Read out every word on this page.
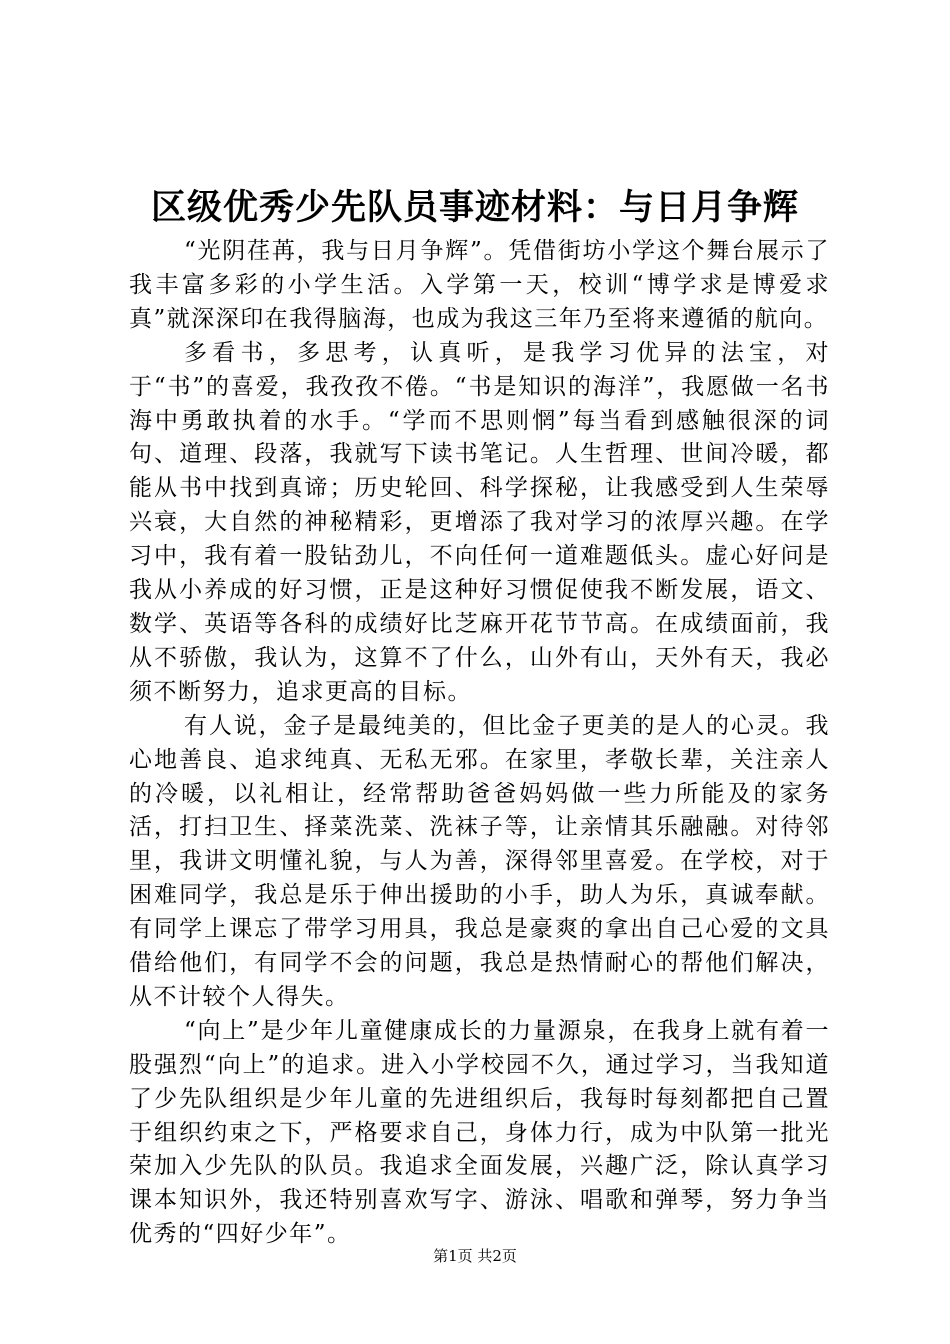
区级优秀少先队员事迹材料：与日月争辉

“光阴荏苒，我与日月争辉”。凭借街坊小学这个舞台展示了我丰富多彩的小学生活。入学第一天，校训“博学求是博爱求真”就深深印在我得脑海，也成为我这三年乃至将来遵循的航向。

多看书，多思考，认真听，是我学习优异的法宝，对于“书”的喜爱，我孜孜不倦。“书是知识的海洋”，我愿做一名书海中勇敢执着的水手。“学而不思则惘”每当看到感触很深的词句、道理、段落，我就写下读书笔记。人生哲理、世间冷暖，都能从书中找到真谛；历史轮回、科学探秘，让我感受到人生荣辱兴衰，大自然的神秘精彩，更增添了我对学习的浓厚兴趣。在学习中，我有着一股钻劲儿，不向任何一道难题低头。虚心好问是我从小养成的好习惯，正是这种好习惯促使我不断发展，语文、数学、英语等各科的成绩好比芝麻开花节节高。在成绩面前，我从不骄傲，我认为，这算不了什么，山外有山，天外有天，我必须不断努力，追求更高的目标。

有人说，金子是最纯美的，但比金子更美的是人的心灵。我心地善良、追求纯真、无私无邪。在家里，孝敬长辈，关注亲人的冷暖，以礼相让，经常帮助爸爸妈妈做一些力所能及的家务活，打扫卫生、择菜洗菜、洗袜子等，让亲情其乐融融。对待邻里，我讲文明懂礼貌，与人为善，深得邻里喜爱。在学校，对于困难同学，我总是乐于伸出援助的小手，助人为乐，真诚奉献。有同学上课忘了带学习用具，我总是豪爽的拿出自己心爱的文具借给他们，有同学不会的问题，我总是热情耐心的帮他们解决，从不计较个人得失。

“向上”是少年儿童健康成长的力量源泉，在我身上就有着一股强烈“向上”的追求。进入小学校园不久，通过学习，当我知道了少先队组织是少年儿童的先进组织后，我每时每刻都把自己置于组织约束之下，严格要求自己，身体力行，成为中队第一批光荣加入少先队的队员。我追求全面发展，兴趣广泛，除认真学习课本知识外，我还特别喜欢写字、游泳、唱歌和弹琴，努力争当优秀的“四好少年”。

第1页 共2页
